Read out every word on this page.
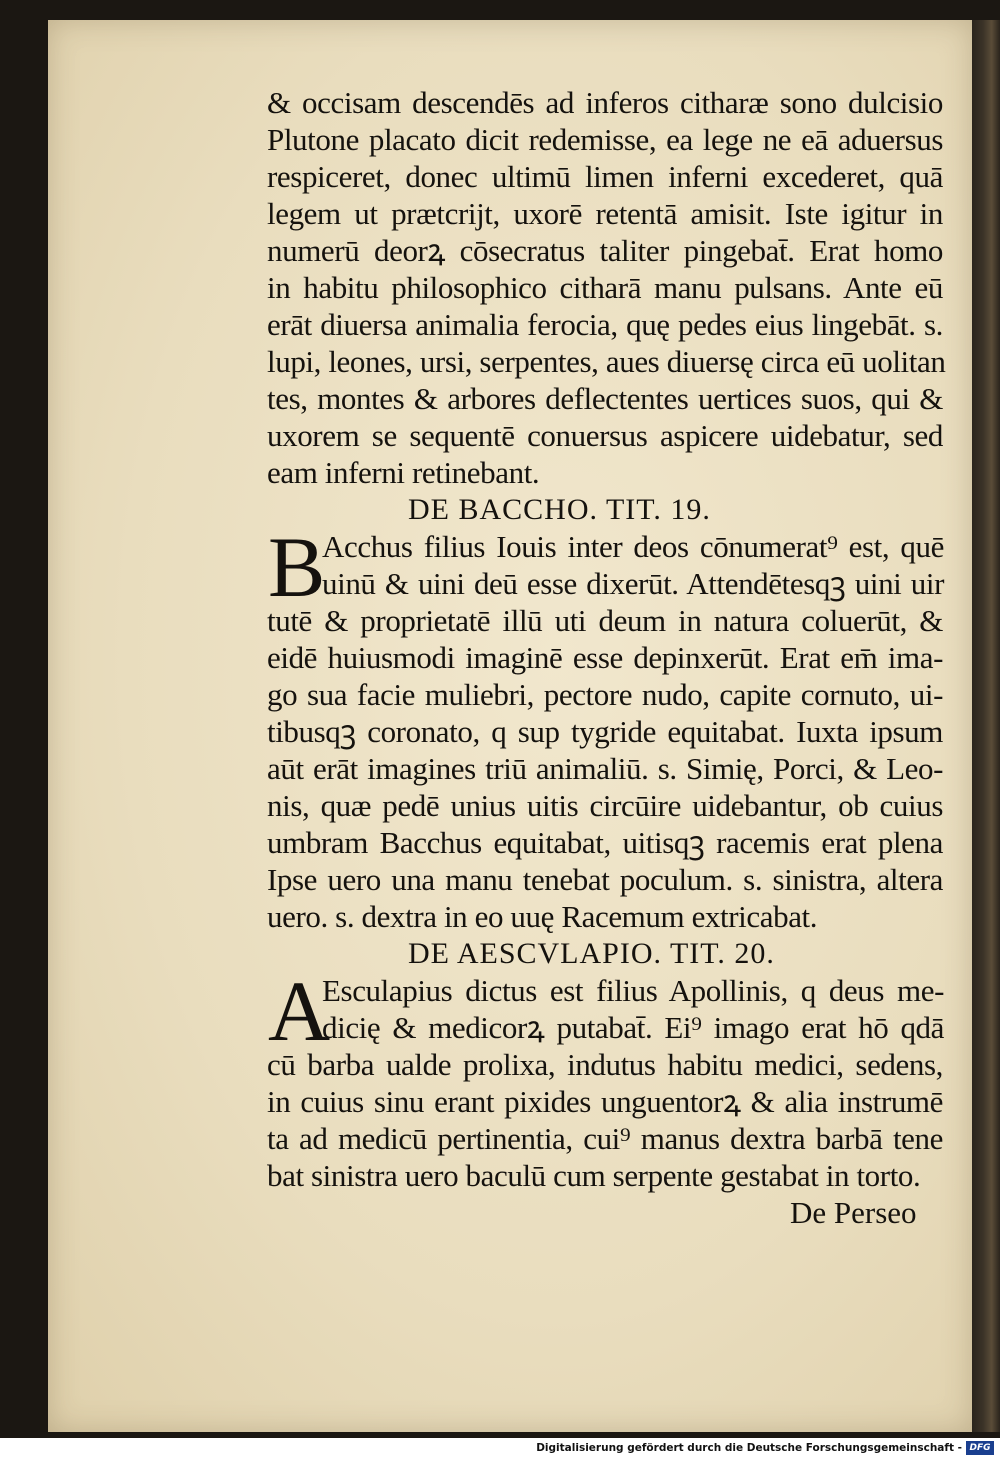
& occisam descendēs ad inferos citharæ sono dulcisio
Plutone placato dicit redemisse, ea lege ne eā aduersus
respiceret, donec ultimū limen inferni excederet, quā
legem ut prætcrijt, uxorē retentā amisit. Iste igitur in
numerū deorꝝ cōsecratus taliter pingebat̄. Erat homo
in habitu philosophico citharā manu pulsans. Ante eū
erāt diuersa animalia ferocia, quę pedes eius lingebāt. s.
lupi, leones, ursi, serpentes, aues diuersę circa eū uolitan
tes, montes & arbores deflectentes uertices suos, qui &
uxorem se sequentē conuersus aspicere uidebatur, sed
eam inferni retinebant.
DE BACCHO. TIT. 19.
B
Acchus filius Iouis inter deos cōnumerat⁹ est, quē
uinū & uini deū esse dixerūt. Attendētesqꝫ uini uir
tutē & proprietatē illū uti deum in natura coluerūt, &
eidē huiusmodi imaginē esse depinxerūt. Erat em̄ ima-
go sua facie muliebri, pectore nudo, capite cornuto, ui-
tibusqꝫ coronato, q sup tygride equitabat. Iuxta ipsum
aūt erāt imagines triū animaliū. s. Simię, Porci, & Leo-
nis, quæ pedē unius uitis circūire uidebantur, ob cuius
umbram Bacchus equitabat, uitisqꝫ racemis erat plena
Ipse uero una manu tenebat poculum. s. sinistra, altera
uero. s. dextra in eo uuę Racemum extricabat.
DE AESCVLAPIO. TIT. 20.
A
Esculapius dictus est filius Apollinis, q deus me-
dicię & medicorꝝ putabat̄. Ei⁹ imago erat hō qdā
cū barba ualde prolixa, indutus habitu medici, sedens,
in cuius sinu erant pixides unguentorꝝ & alia instrumē
ta ad medicū pertinentia, cui⁹ manus dextra barbā tene
bat sinistra uero baculū cum serpente gestabat in torto.
De Perseo
Digitalisierung gefördert durch die Deutsche Forschungsgemeinschaft - DFG
